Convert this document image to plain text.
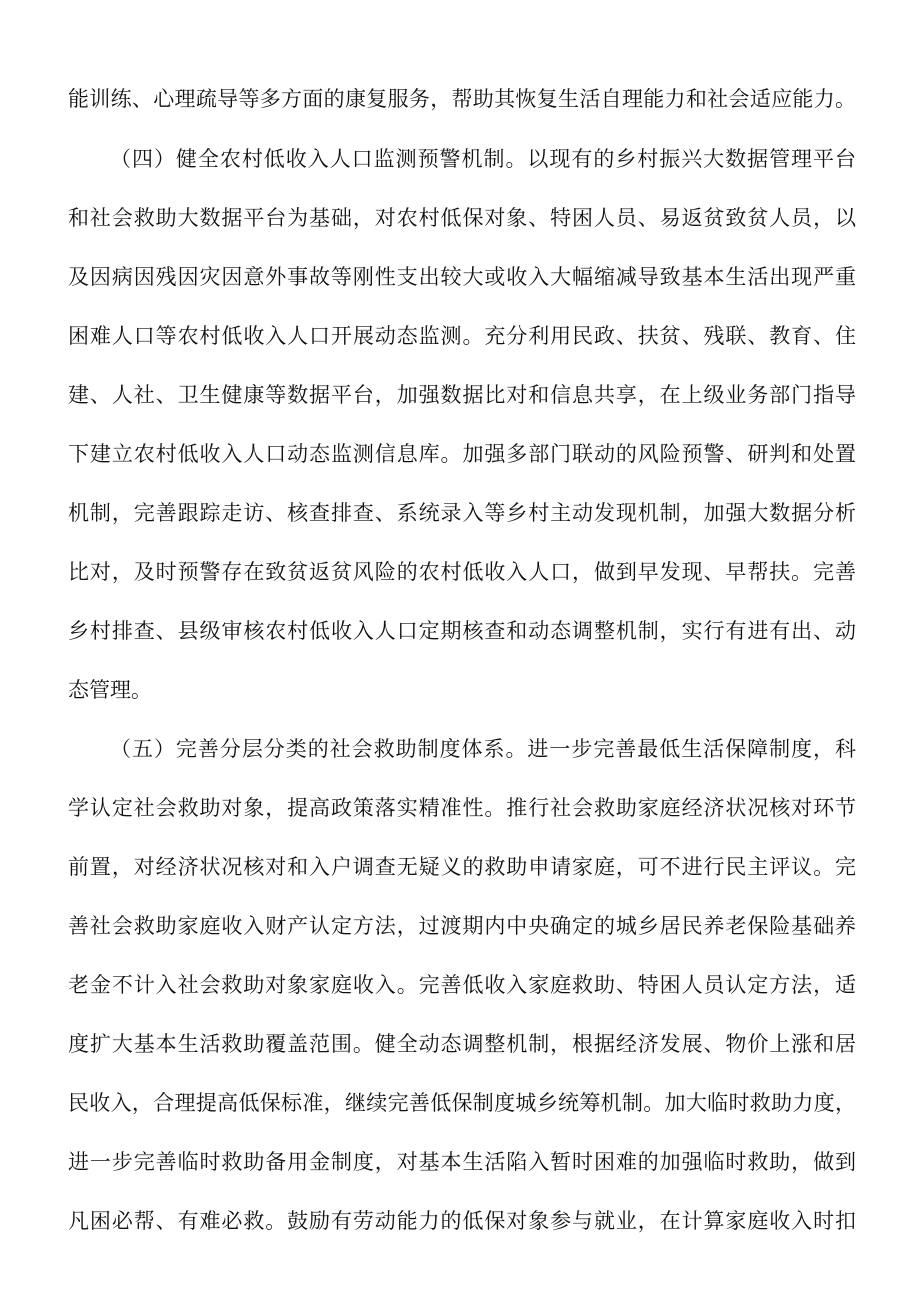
能训练、心理疏导等多方面的康复服务，帮助其恢复生活自理能力和社会适应能力。
（四）健全农村低收入人口监测预警机制。以现有的乡村振兴大数据管理平台
和社会救助大数据平台为基础，对农村低保对象、特困人员、易返贫致贫人员，以
及因病因残因灾因意外事故等刚性支出较大或收入大幅缩减导致基本生活出现严重
困难人口等农村低收入人口开展动态监测。充分利用民政、扶贫、残联、教育、住
建、人社、卫生健康等数据平台，加强数据比对和信息共享，在上级业务部门指导
下建立农村低收入人口动态监测信息库。加强多部门联动的风险预警、研判和处置
机制，完善跟踪走访、核查排查、系统录入等乡村主动发现机制，加强大数据分析
比对，及时预警存在致贫返贫风险的农村低收入人口，做到早发现、早帮扶。完善
乡村排查、县级审核农村低收入人口定期核查和动态调整机制，实行有进有出、动
态管理。
（五）完善分层分类的社会救助制度体系。进一步完善最低生活保障制度，科
学认定社会救助对象，提高政策落实精准性。推行社会救助家庭经济状况核对环节
前置，对经济状况核对和入户调查无疑义的救助申请家庭，可不进行民主评议。完
善社会救助家庭收入财产认定方法，过渡期内中央确定的城乡居民养老保险基础养
老金不计入社会救助对象家庭收入。完善低收入家庭救助、特困人员认定方法，适
度扩大基本生活救助覆盖范围。健全动态调整机制，根据经济发展、物价上涨和居
民收入，合理提高低保标准，继续完善低保制度城乡统筹机制。加大临时救助力度，
进一步完善临时救助备用金制度，对基本生活陷入暂时困难的加强临时救助，做到
凡困必帮、有难必救。鼓励有劳动能力的低保对象参与就业，在计算家庭收入时扣
